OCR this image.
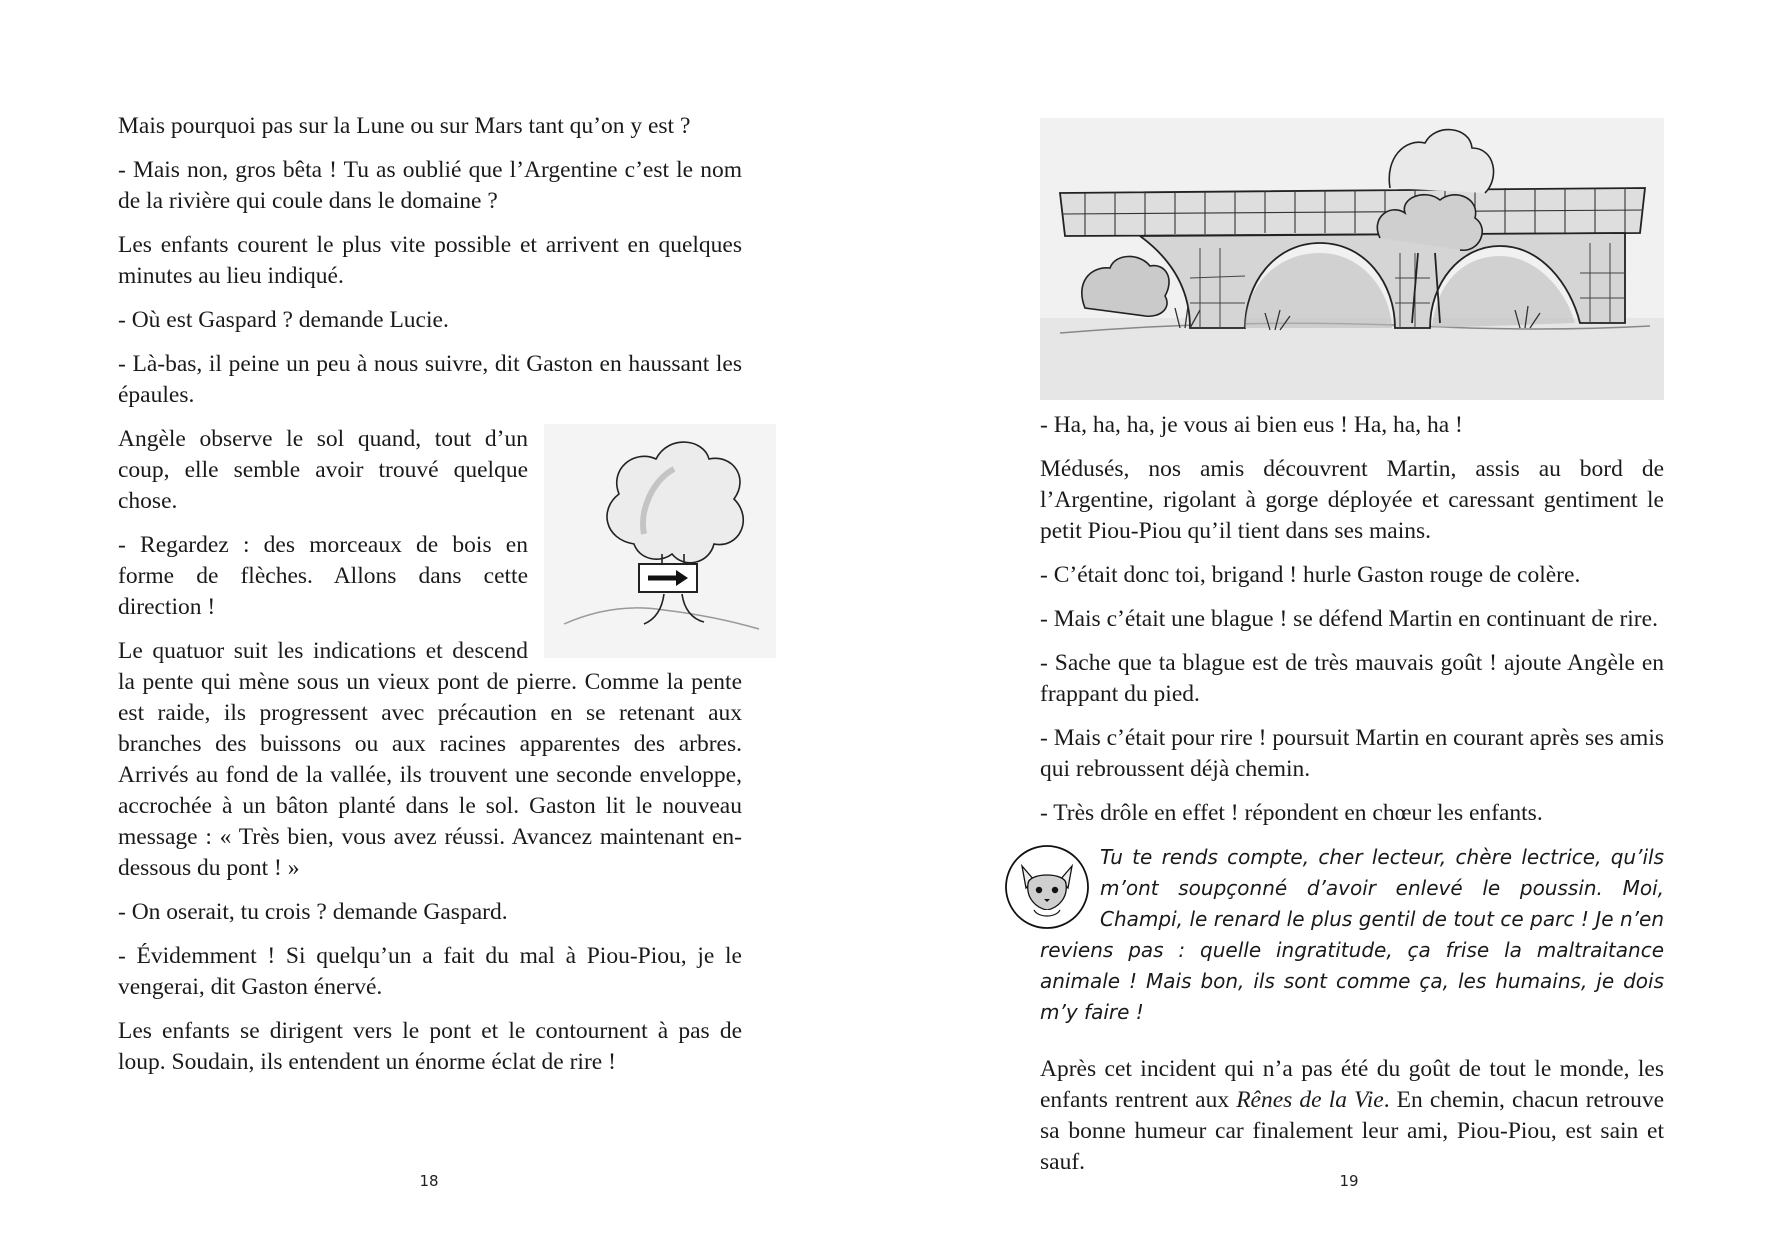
Mais pourquoi pas sur la Lune ou sur Mars tant qu’on y est ?

- Mais non, gros bêta ! Tu as oublié que l’Argentine c’est le nom de la rivière qui coule dans le domaine ?

Les enfants courent le plus vite possible et arrivent en quelques minutes au lieu indiqué.

- Où est Gaspard ? demande Lucie.

- Là-bas, il peine un peu à nous suivre, dit Gaston en haussant les épaules.

Angèle observe le sol quand, tout d’un coup, elle semble avoir trouvé quelque chose.

- Regardez : des morceaux de bois en forme de flèches. Allons dans cette direction !

Le quatuor suit les indications et descend la pente qui mène sous un vieux pont de pierre. Comme la pente est raide, ils progressent avec précaution en se retenant aux branches des buissons ou aux racines apparentes des arbres. Arrivés au fond de la vallée, ils trouvent une seconde enveloppe, accrochée à un bâton planté dans le sol. Gaston lit le nouveau message : « Très bien, vous avez réussi. Avancez maintenant en-dessous du pont ! »

- On oserait, tu crois ? demande Gaspard.

- Évidemment ! Si quelqu’un a fait du mal à Piou-Piou, je le vengerai, dit Gaston énervé.

Les enfants se dirigent vers le pont et le contournent à pas de loup. Soudain, ils entendent un énorme éclat de rire !

18

- Ha, ha, ha, je vous ai bien eus ! Ha, ha, ha !

Médusés, nos amis découvrent Martin, assis au bord de l’Argentine, rigolant à gorge déployée et caressant gentiment le petit Piou-Piou qu’il tient dans ses mains.

- C’était donc toi, brigand ! hurle Gaston rouge de colère.

- Mais c’était une blague ! se défend Martin en continuant de rire.

- Sache que ta blague est de très mauvais goût ! ajoute Angèle en frappant du pied.

- Mais c’était pour rire ! poursuit Martin en courant après ses amis qui rebroussent déjà chemin.

- Très drôle en effet ! répondent en chœur les enfants.

Tu te rends compte, cher lecteur, chère lectrice, qu’ils m’ont soupçonné d’avoir enlevé le poussin. Moi, Champi, le renard le plus gentil de tout ce parc ! Je n’en reviens pas : quelle ingratitude, ça frise la maltraitance animale ! Mais bon, ils sont comme ça, les humains, je dois m’y faire !

Après cet incident qui n’a pas été du goût de tout le monde, les enfants rentrent aux Rênes de la Vie. En chemin, chacun retrouve sa bonne humeur car finalement leur ami, Piou-Piou, est sain et sauf.

19
